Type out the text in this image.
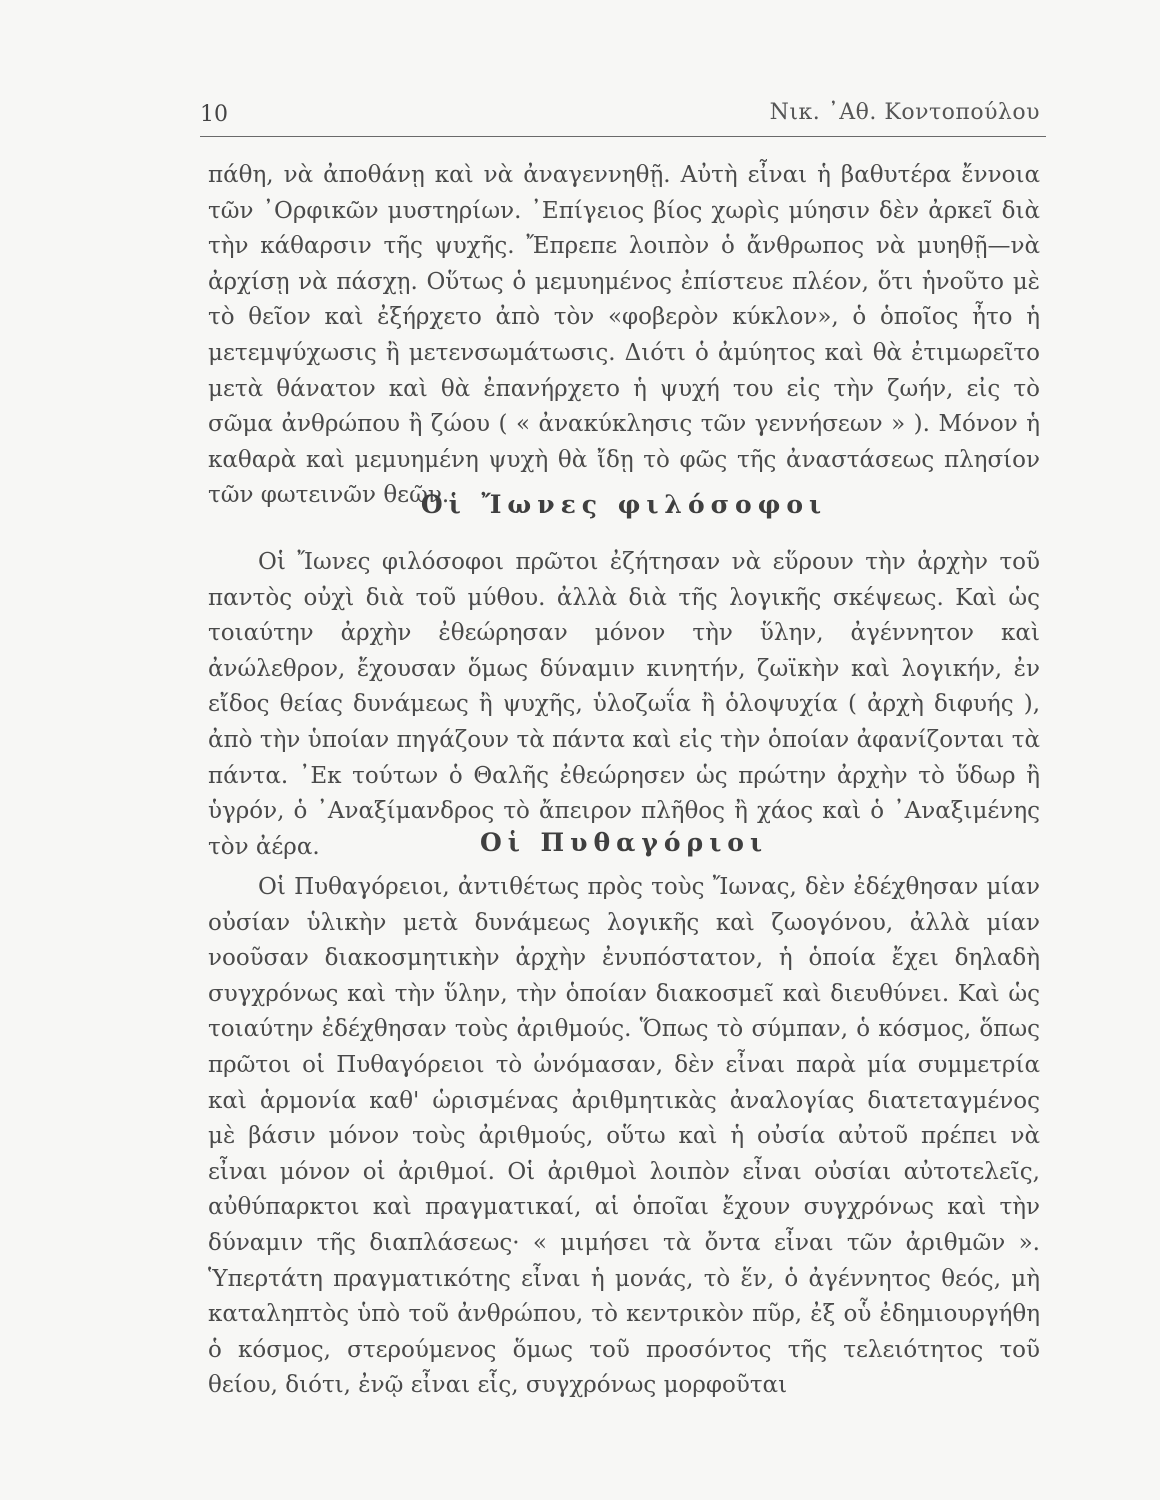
10	Νικ. ᾿Αθ. Κοντοπούλου

πάθη, νὰ ἀποθάνῃ καὶ νὰ ἀναγεννηθῇ. Αὐτὴ εἶναι ἡ βαθυτέρα ἔννοια τῶν ᾿Ορφικῶν μυστηρίων. ᾿Επίγειος βίος χωρὶς μύησιν δὲν ἀρκεῖ διὰ τὴν κάθαρσιν τῆς ψυχῆς. Ἔπρεπε λοιπὸν ὁ ἄνθρωπος νὰ μυηθῇ—νὰ ἀρχίσῃ νὰ πάσχῃ. Οὕτως ὁ μεμυημένος ἐπίστευε πλέον, ὅτι ἡνοῦτο μὲ τὸ θεῖον καὶ ἐξήρχετο ἀπὸ τὸν «φοβερὸν κύκλον», ὁ ὁποῖος ἦτο ἡ μετεμψύχωσις ἢ μετενσωμάτωσις. Διότι ὁ ἀμύητος καὶ θὰ ἐτιμωρεῖτο μετὰ θάνατον καὶ θὰ ἐπανήρχετο ἡ ψυχή του εἰς τὴν ζωήν, εἰς τὸ σῶμα ἀνθρώπου ἢ ζώου ( « ἀνακύκλησις τῶν γεννήσεων » ). Μόνον ἡ καθαρὰ καὶ μεμυημένη ψυχὴ θὰ ἴδῃ τὸ φῶς τῆς ἀναστάσεως πλησίον τῶν φωτεινῶν θεῶν.

Οἱ Ἴωνες φιλόσοφοι

Οἱ Ἴωνες φιλόσοφοι πρῶτοι ἐζήτησαν νὰ εὕρουν τὴν ἀρχὴν τοῦ παντὸς οὐχὶ διὰ τοῦ μύθου. ἀλλὰ διὰ τῆς λογικῆς σκέψεως. Καὶ ὡς τοιαύτην ἀρχὴν ἐθεώρησαν μόνον τὴν ὕλην, ἀγέννητον καὶ ἀνώλεθρον, ἔχουσαν ὅμως δύναμιν κινητήν, ζωϊκὴν καὶ λογικήν, ἐν εἴδος θείας δυνάμεως ἢ ψυχῆς, ὑλοζωΐα ἢ ὁλοψυχία ( ἀρχὴ διφυής ), ἀπὸ τὴν ὑποίαν πηγάζουν τὰ πάντα καὶ εἰς τὴν ὁποίαν ἀφανίζονται τὰ πάντα. ᾿Εκ τούτων ὁ Θαλῆς ἐθεώρησεν ὡς πρώτην ἀρχὴν τὸ ὕδωρ ἢ ὑγρόν, ὁ ᾿Αναξίμανδρος τὸ ἄπειρον πλῆθος ἢ χάος καὶ ὁ ᾿Αναξιμένης τὸν ἀέρα.	Οἱ Πυθαγόριοι

Οἱ Πυθαγόρειοι, ἀντιθέτως πρὸς τοὺς Ἴωνας, δὲν ἐδέχθησαν μίαν οὐσίαν ὑλικὴν μετὰ δυνάμεως λογικῆς καὶ ζωογόνου, ἀλλὰ μίαν νοοῦσαν διακοσμητικὴν ἀρχὴν ἐνυπόστατον, ἡ ὁποία ἔχει δηλαδὴ συγχρόνως καὶ τὴν ὕλην, τὴν ὁποίαν διακοσμεῖ καὶ διευθύνει. Καὶ ὡς τοιαύτην ἐδέχθησαν τοὺς ἀριθμούς. Ὅπως τὸ σύμπαν, ὁ κόσμος, ὅπως πρῶτοι οἱ Πυθαγόρειοι τὸ ὠνόμασαν, δὲν εἶναι παρὰ μία συμμετρία καὶ ἁρμονία καθ' ὡρισμένας ἀριθμητικὰς ἀναλογίας διατεταγμένος μὲ βάσιν μόνον τοὺς ἀριθμούς, οὕτω καὶ ἡ οὐσία αὐτοῦ πρέπει νὰ εἶναι μόνον οἱ ἀριθμοί. Οἱ ἀριθμοὶ λοιπὸν εἶναι οὐσίαι αὐτοτελεῖς, αὐθύπαρκτοι καὶ πραγματικαί, αἱ ὁποῖαι ἔχουν συγχρόνως καὶ τὴν δύναμιν τῆς διαπλάσεως· « μιμήσει τὰ ὄντα εἶναι τῶν ἀριθμῶν ». Ὑπερτάτη πραγματικότης εἶναι ἡ μονάς, τὸ ἕν, ὁ ἀγέννητος θεός, μὴ καταληπτὸς ὑπὸ τοῦ ἀνθρώπου, τὸ κεντρικὸν πῦρ, ἐξ οὗ ἐδημιουργήθη ὁ κόσμος, στερούμενος ὅμως τοῦ προσόντος τῆς τελειότητος τοῦ θείου, διότι, ἐνῷ εἶναι εἷς, συγχρόνως μορφοῦται
